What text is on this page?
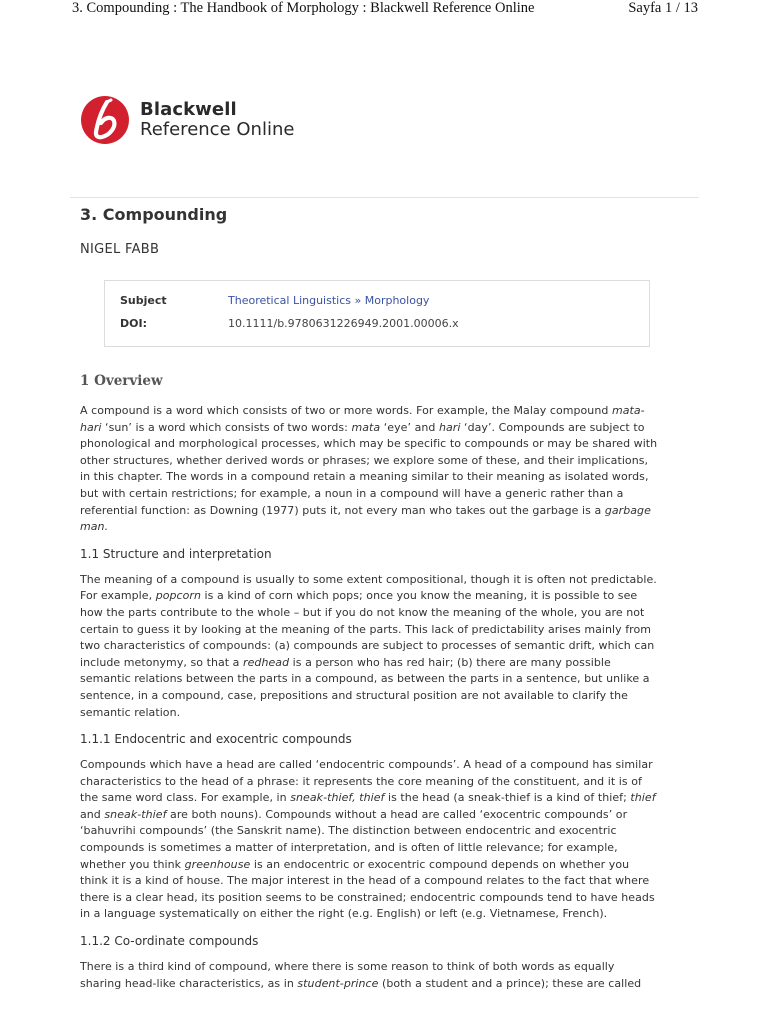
3. Compounding : The Handbook of Morphology : Blackwell Reference Online	Sayfa 1 / 13
Blackwell
Reference Online
3. Compounding
NIGEL FABB
Subject	Theoretical Linguistics » Morphology
DOI:	10.1111/b.9780631226949.2001.00006.x
1 Overview

A compound is a word which consists of two or more words. For example, the Malay compound mata-hari ‘sun’ is a word which consists of two words: mata ‘eye’ and hari ‘day’. Compounds are subject to phonological and morphological processes, which may be specific to compounds or may be shared with other structures, whether derived words or phrases; we explore some of these, and their implications, in this chapter. The words in a compound retain a meaning similar to their meaning as isolated words, but with certain restrictions; for example, a noun in a compound will have a generic rather than a referential function: as Downing (1977) puts it, not every man who takes out the garbage is a garbage man.

1.1 Structure and interpretation

The meaning of a compound is usually to some extent compositional, though it is often not predictable. For example, popcorn is a kind of corn which pops; once you know the meaning, it is possible to see how the parts contribute to the whole – but if you do not know the meaning of the whole, you are not certain to guess it by looking at the meaning of the parts. This lack of predictability arises mainly from two characteristics of compounds: (a) compounds are subject to processes of semantic drift, which can include metonymy, so that a redhead is a person who has red hair; (b) there are many possible semantic relations between the parts in a compound, as between the parts in a sentence, but unlike a sentence, in a compound, case, prepositions and structural position are not available to clarify the semantic relation.

1.1.1 Endocentric and exocentric compounds

Compounds which have a head are called ‘endocentric compounds’. A head of a compound has similar characteristics to the head of a phrase: it represents the core meaning of the constituent, and it is of the same word class. For example, in sneak-thief, thief is the head (a sneak-thief is a kind of thief; thief and sneak-thief are both nouns). Compounds without a head are called ‘exocentric compounds’ or ‘bahuvrihi compounds’ (the Sanskrit name). The distinction between endocentric and exocentric compounds is sometimes a matter of interpretation, and is often of little relevance; for example, whether you think greenhouse is an endocentric or exocentric compound depends on whether you think it is a kind of house. The major interest in the head of a compound relates to the fact that where there is a clear head, its position seems to be constrained; endocentric compounds tend to have heads in a language systematically on either the right (e.g. English) or left (e.g. Vietnamese, French).

1.1.2 Co-ordinate compounds

There is a third kind of compound, where there is some reason to think of both words as equally sharing head-like characteristics, as in student-prince (both a student and a prince); these are called
